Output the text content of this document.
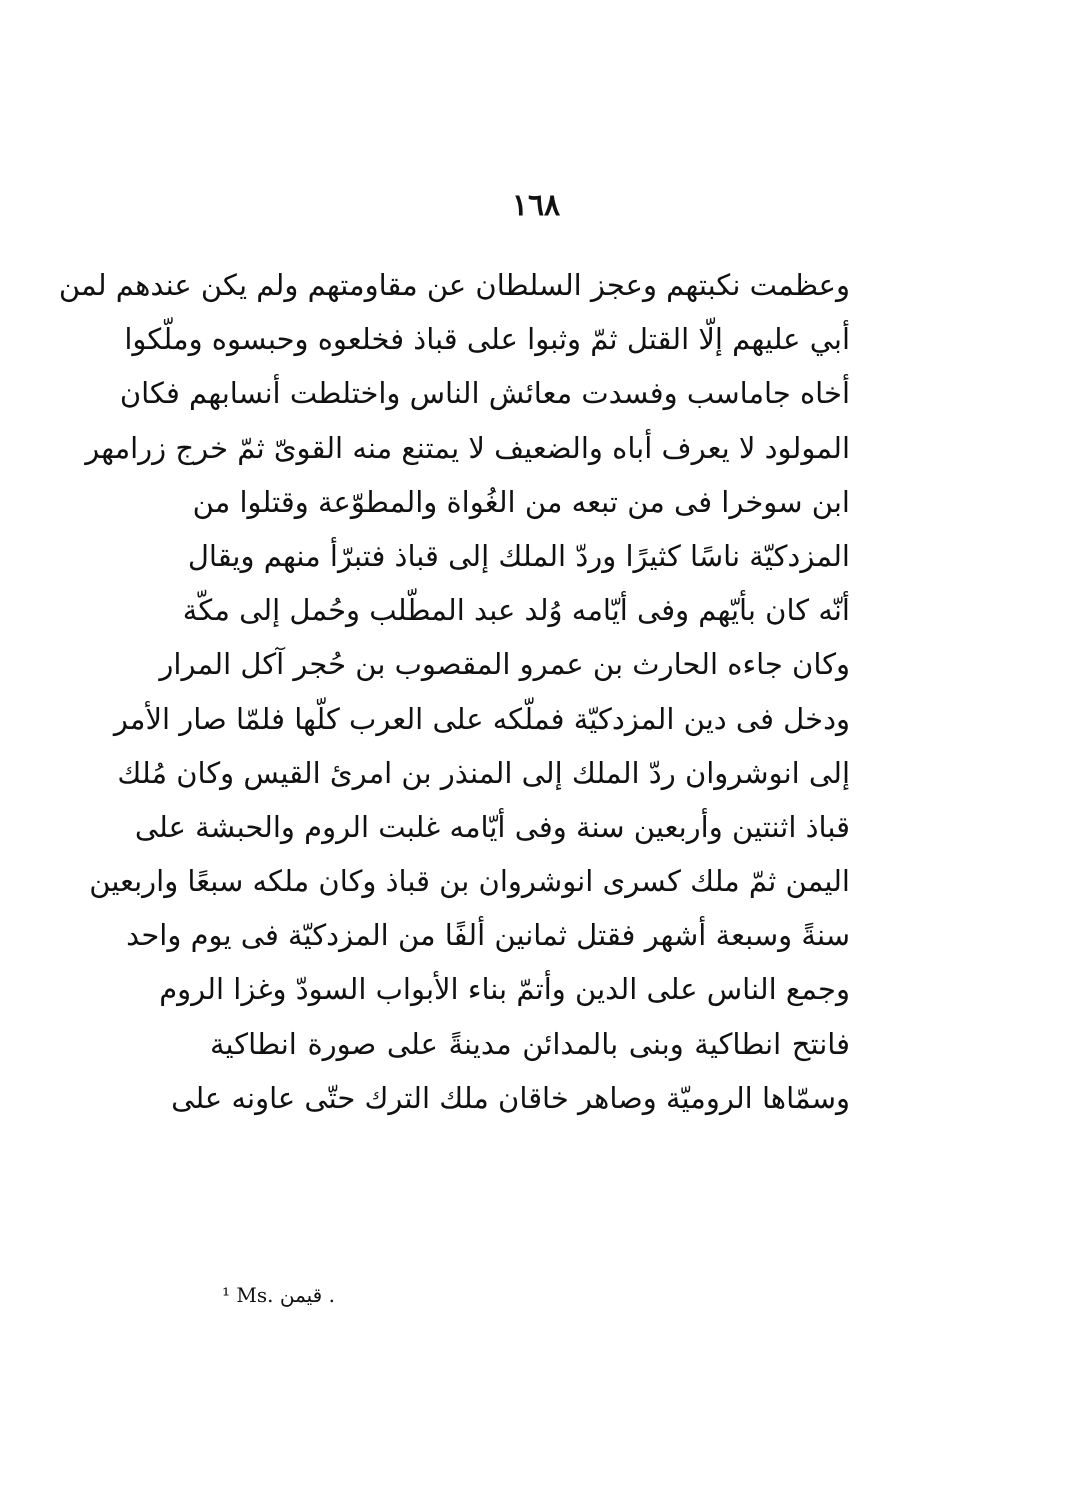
١٦٨
وعظمت نكبتهم وعجز السلطان عن مقاومتهم ولم يكن عندهم لمن
أبي عليهم إلّا القتل ثمّ وثبوا على قباذ فخلعوه وحبسوه وملّكوا
أخاه جاماسب وفسدت معائش الناس واختلطت أنسابهم فكان
المولود لا يعرف أباه والضعيف لا يمتنع منه القوىّ ثمّ خرج زرامهر
ابن سوخرا فى من تبعه من الغُواة والمطوّعة وقتلوا من
المزدكيّة ناسًا كثيرًا وردّ الملك إلى قباذ فتبرّأ منهم ويقال
أنّه كان بأيّهم وفى أيّامه وُلد عبد المطّلب وحُمل إلى مكّة
وكان جاءه الحارث بن عمرو المقصوب بن حُجر آكل المرار
ودخل فى دين المزدكيّة فملّكه على العرب كلّها فلمّا صار الأمر
إلى انوشروان ردّ الملك إلى المنذر بن امرئ القيس وكان مُلك
قباذ اثنتين وأربعين سنة وفى أيّامه غلبت الروم والحبشة على
اليمن ثمّ ملك كسرى انوشروان بن قباذ وكان ملكه سبعًا واربعين
سنةً وسبعة أشهر فقتل ثمانين ألفًا من المزدكيّة فى يوم واحد
وجمع الناس على الدين وأتمّ بناء الأبواب السودّ وغزا الروم
فانتح انطاكية وبنى بالمدائن مدينةً على صورة انطاكية
وسمّاها الروميّة وصاهر خاقان ملك الترك حتّى عاونه على
¹ Ms. قيمن .
